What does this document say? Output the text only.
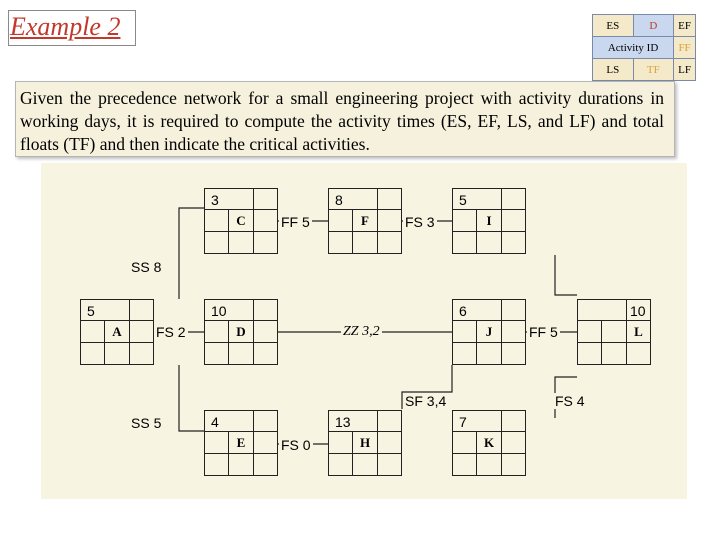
Example 2	ES	D	EF
Activity ID		FF
LS	TF	LF
Given the precedence network for a small engineering project with activity durations in working days, it is required to compute the activity times (ES, EF, LS, and LF) and total floats (TF) and then indicate the critical activities.
3
C
8
F
5
I
5
A
10
D
6
J
10
L
4
E
13
H
7
K
SS 8
FS 2
SS 5
FF 5	FS 3
ZZ 3,2	FF 5
SF 3,4	FS 4
FS 0
